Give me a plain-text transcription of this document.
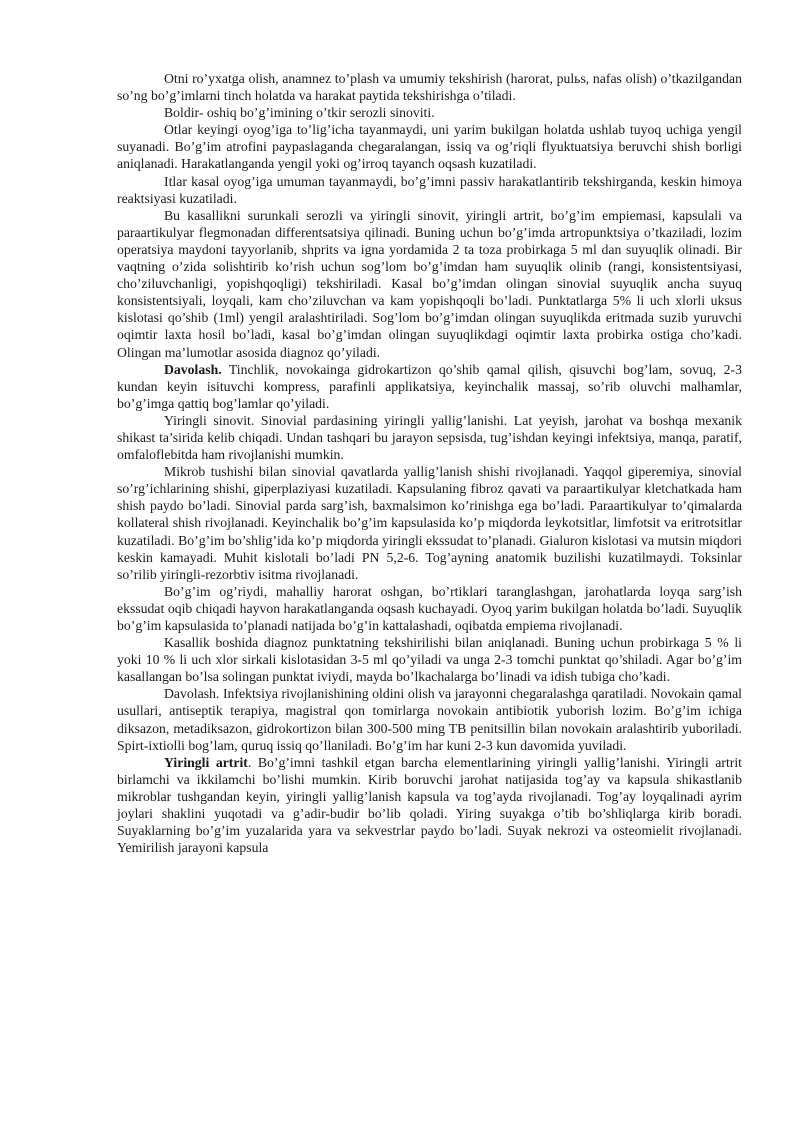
Otni ro’yxatga olish, anamnez to’plash va umumiy tekshirish (harorat, pulьs, nafas olish) o’tkazilgandan so’ng bo’g’imlarni tinch holatda va harakat paytida tekshirishga o’tiladi.

Boldir- oshiq bo’g’imining o’tkir serozli sinoviti.

Otlar keyingi oyog’iga to’lig’icha tayanmaydi, uni yarim bukilgan holatda ushlab tuyoq uchiga yengil suyanadi. Bo’g’im atrofini paypaslaganda chegaralangan, issiq va og’riqli flyuktuatsiya beruvchi shish borligi aniqlanadi. Harakatlanganda yengil yoki og’irroq tayanch oqsash kuzatiladi.

Itlar kasal oyog’iga umuman tayanmaydi, bo’g’imni passiv harakatlantirib tekshirganda, keskin himoya reaktsiyasi kuzatiladi.

Bu kasallikni surunkali serozli va yiringli sinovit, yiringli artrit, bo’g’im empiemasi, kapsulali va paraartikulyar flegmonadan differentsatsiya qilinadi. Buning uchun bo’g’imda artropunktsiya o’tkaziladi, lozim operatsiya maydoni tayyorlanib, shprits va igna yordamida 2 ta toza probirkaga 5 ml dan suyuqlik olinadi. Bir vaqtning o’zida solishtirib ko’rish uchun sog’lom bo’g’imdan ham suyuqlik olinib (rangi, konsistentsiyasi, cho’ziluvchanligi, yopishqoqligi) tekshiriladi. Kasal bo’g’imdan olingan sinovial suyuqlik ancha suyuq konsistentsiyali, loyqali, kam cho’ziluvchan va kam yopishqoqli bo’ladi. Punktatlarga 5% li uch xlorli uksus kislotasi qo’shib (1ml) yengil aralashtiriladi. Sog’lom bo’g’imdan olingan suyuqlikda eritmada suzib yuruvchi oqimtir laxta hosil bo’ladi, kasal bo’g’imdan olingan suyuqlikdagi oqimtir laxta probirka ostiga cho’kadi. Olingan ma’lumotlar asosida diagnoz qo’yiladi.

Davolash. Tinchlik, novokainga gidrokartizon qo’shib qamal qilish, qisuvchi bog’lam, sovuq, 2-3 kundan keyin isituvchi kompress, parafinli applikatsiya, keyinchalik massaj, so’rib oluvchi malhamlar, bo’g’imga qattiq bog’lamlar qo’yiladi.

Yiringli sinovit. Sinovial pardasining yiringli yallig’lanishi. Lat yeyish, jarohat va boshqa mexanik shikast ta’sirida kelib chiqadi. Undan tashqari bu jarayon sepsisda, tug’ishdan keyingi infektsiya, manqa, paratif, omfaloflebitda ham rivojlanishi mumkin.

Mikrob tushishi bilan sinovial qavatlarda yallig’lanish shishi rivojlanadi. Yaqqol giperemiya, sinovial so’rg’ichlarining shishi, giperplaziyasi kuzatiladi. Kapsulaning fibroz qavati va paraartikulyar kletchatkada ham shish paydo bo’ladi. Sinovial parda sarg’ish, baxmalsimon ko’rinishga ega bo’ladi. Paraartikulyar to’qimalarda kollateral shish rivojlanadi. Keyinchalik bo’g’im kapsulasida ko’p miqdorda leykotsitlar, limfotsit va eritrotsitlar kuzatiladi. Bo’g’im bo’shlig’ida ko’p miqdorda yiringli ekssudat to’planadi. Gialuron kislotasi va mutsin miqdori keskin kamayadi. Muhit kislotali bo’ladi PN 5,2-6. Tog’ayning anatomik buzilishi kuzatilmaydi. Toksinlar so’rilib yiringli-rezorbtiv isitma rivojlanadi.

Bo’g’im og’riydi, mahalliy harorat oshgan, bo’rtiklari taranglashgan, jarohatlarda loyqa sarg’ish ekssudat oqib chiqadi hayvon harakatlanganda oqsash kuchayadi. Oyoq yarim bukilgan holatda bo’ladi. Suyuqlik bo’g’im kapsulasida to’planadi natijada bo’g’in kattalashadi, oqibatda empiema rivojlanadi.

Kasallik boshida diagnoz punktatning tekshirilishi bilan aniqlanadi. Buning uchun probirkaga 5 % li yoki 10 % li uch xlor sirkali kislotasidan 3-5 ml qo’yiladi va unga 2-3 tomchi punktat qo’shiladi. Agar bo’g’im kasallangan bo’lsa solingan punktat iviydi, mayda bo’lkachalarga bo’linadi va idish tubiga cho’kadi.

Davolash. Infektsiya rivojlanishining oldini olish va jarayonni chegaralashga qaratiladi. Novokain qamal usullari, antiseptik terapiya, magistral qon tomirlarga novokain antibiotik yuborish lozim. Bo’g’im ichiga diksazon, metadiksazon, gidrokortizon bilan 300-500 ming TB penitsillin bilan novokain aralashtirib yuboriladi. Spirt-ixtiolli bog’lam, quruq issiq qo’llaniladi. Bo’g’im har kuni 2-3 kun davomida yuviladi.

Yiringli artrit. Bo’g’imni tashkil etgan barcha elementlarining yiringli yallig’lanishi. Yiringli artrit birlamchi va ikkilamchi bo’lishi mumkin. Kirib boruvchi jarohat natijasida tog’ay va kapsula shikastlanib mikroblar tushgandan keyin, yiringli yallig’lanish kapsula va tog’ayda rivojlanadi. Tog’ay loyqalinadi ayrim joylari shaklini yuqotadi va g’adir-budir bo’lib qoladi. Yiring suyakga o’tib bo’shliqlarga kirib boradi. Suyaklarning bo’g’im yuzalarida yara va sekvestrlar paydo bo’ladi. Suyak nekrozi va osteomielit rivojlanadi. Yemirilish jarayoni kapsula
